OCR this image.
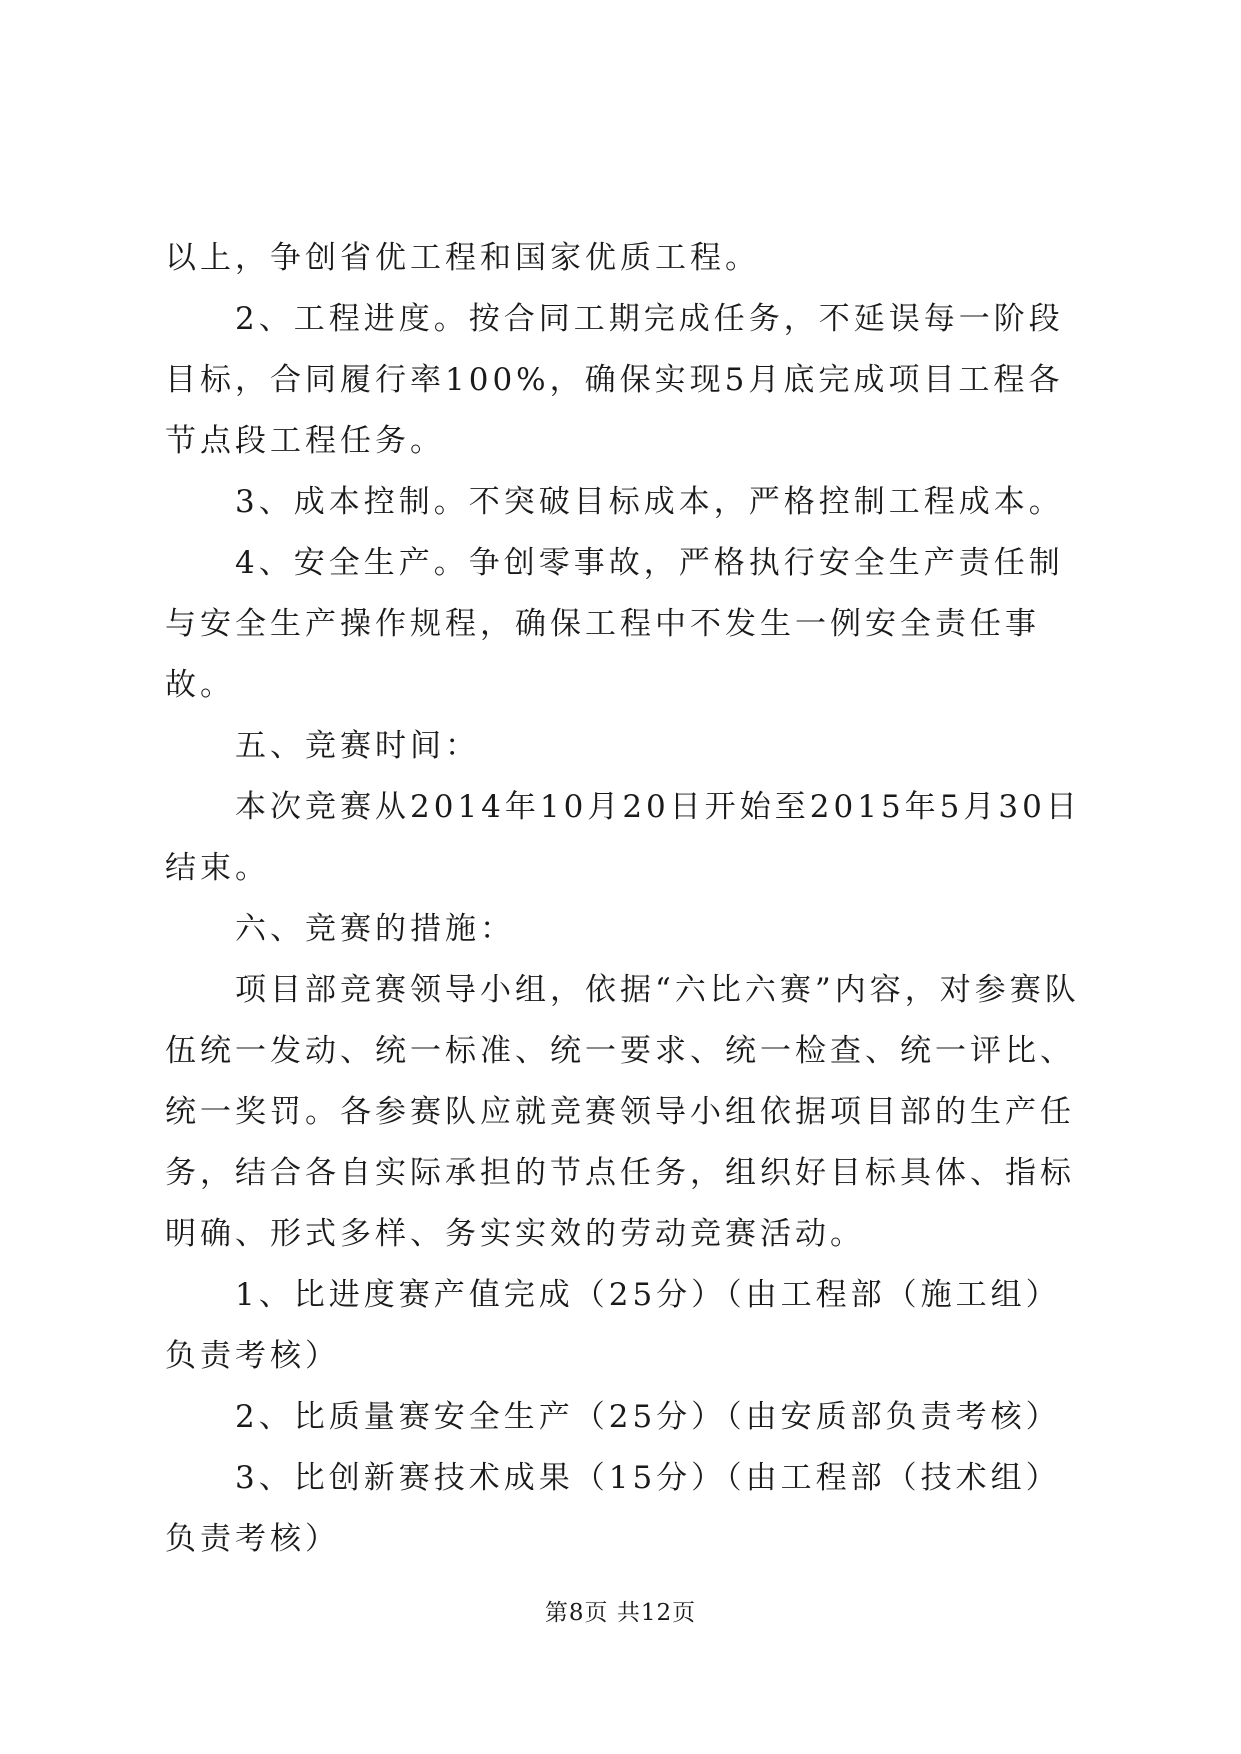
以上，争创省优工程和国家优质工程。

2、工程进度。按合同工期完成任务，不延误每一阶段目标，合同履行率100%，确保实现5月底完成项目工程各节点段工程任务。

3、成本控制。不突破目标成本，严格控制工程成本。

4、安全生产。争创零事故，严格执行安全生产责任制与安全生产操作规程，确保工程中不发生一例安全责任事故。

五、竞赛时间：

本次竞赛从2014年10月20日开始至2015年5月30日结束。

六、竞赛的措施：

项目部竞赛领导小组，依据“六比六赛”内容，对参赛队伍统一发动、统一标准、统一要求、统一检查、统一评比、统一奖罚。各参赛队应就竞赛领导小组依据项目部的生产任务，结合各自实际承担的节点任务，组织好目标具体、指标明确、形式多样、务实实效的劳动竞赛活动。

1、比进度赛产值完成（25分）（由工程部（施工组）负责考核）

2、比质量赛安全生产（25分）（由安质部负责考核）

3、比创新赛技术成果（15分）（由工程部（技术组）负责考核）

第8页 共12页
